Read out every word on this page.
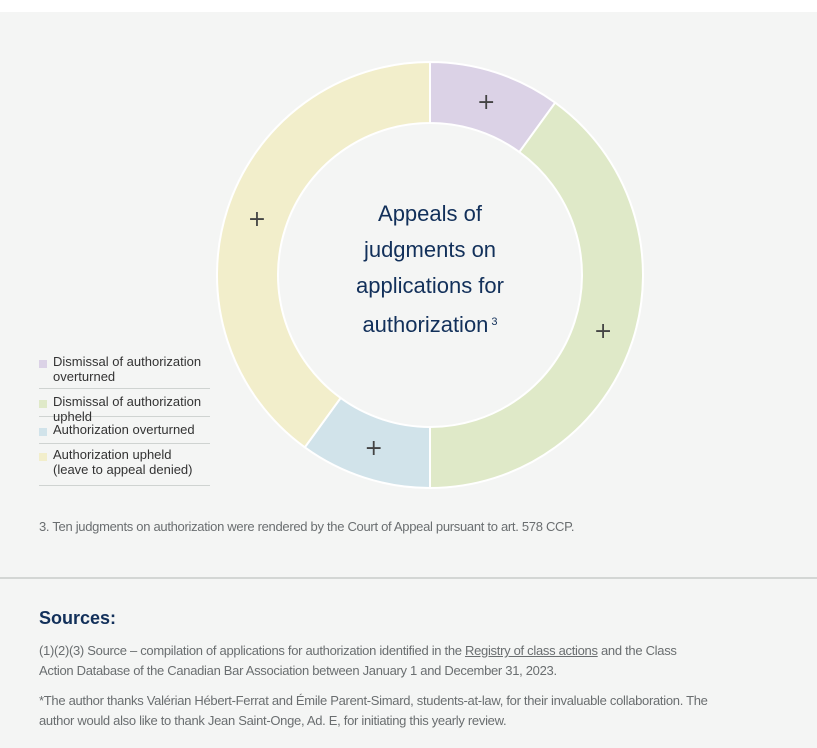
+
+
+
+	Appeals of
judgments on
applications for
authorization $^3$
Dismissal of authorization
overturned
Dismissal of authorization
upheld
Authorization overturned
Authorization upheld
(leave to appeal denied)
3. Ten judgments on authorization were rendered by the Court of Appeal pursuant to art. 578 CCP.
Sources:
(1)(2)(3) Source – compilation of applications for authorization identified in the Registry of class actions and the Class
Action Database of the Canadian Bar Association between January 1 and December 31, 2023.
*The author thanks Valérian Hébert-Ferrat and Émile Parent-Simard, students-at-law, for their invaluable collaboration. The
author would also like to thank Jean Saint-Onge, Ad. E, for initiating this yearly review.
